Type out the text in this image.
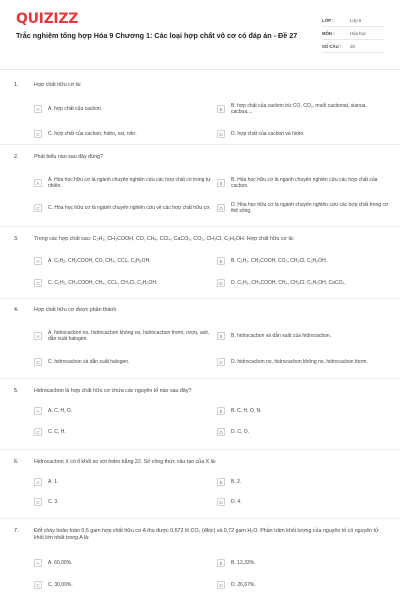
QUIZIZZ
Trắc nghiệm tổng hợp Hóa 9 Chương 1: Các loại hợp chất vô cơ có đáp án - Đề 27
LỚP :	Lớp 9
MÔN :	Hóa học
SỐ CÂU :	28
1.	Hợp chất hữu cơ là:
A	A. hợp chất của cacbon.	B
B. hợp chất của cacbon trừ CO, CO₂, muối cacbonat, xianua, cacbua,...
C	C. hợp chất của cacbon, hidro, oxi, nitơ.	D	D. hợp chất của cacbon và hidro.
2.	Phát biểu nào sau đây đúng?
A
A. Hóa học hữu cơ là ngành chuyên nghiên cứu các hợp chất có trong tự nhiên.	B
B. Hóa học hữu cơ là ngành chuyên nghiên cứu các hợp chất của cacbon.
C	C. Hóa học hữu cơ là ngành chuyên nghiên cứu về các hợp chất hữu cơ.	D
D. Hóa học hữu cơ là ngành chuyên nghiên cứu các hợp chất trong cơ thể sống.
3.	Trong các hợp chất sau: C₂H₂, CH₃COOH, CO, CH₄, CCl₄, CaCO₃, CO₂, CH₃Cl, C₂H₅OH. Hợp chất hữu cơ là:
A	A. C₂H₂, CH₃COOH, CO, CH₄, CCl₄, C₂H₅OH.	B	B. C₂H₂, CH₃COOH, CO₂, CH₃Cl, C₂H₅OH.
C	C. C₂H₂, CH₃COOH, CH₄, CCl₄, CH₃Cl, C₂H₅OH.	D	D. C₂H₂, CH₃COOH, CH₄, CH₃Cl, C₂H₅OH, CaCO₃.
4.	Hợp chất hữu cơ được phân thành
A
A. hidrocacbon no, hidrocacbon không no, hidrocacbon thơm, rượu, axit, dẫn xuất halogen.	B	B. hidrocacbon và dẫn xuất của hidrocacbon.
C	C. hidrocacbon và dẫn xuất halogen.	D	D. hidrocacbon no, hidrocacbon không no, hidrocacbon thơm.
5.	Hidrocacbon là hợp chất hữu cơ chứa các nguyên tố nào sau đây?
A	A. C, H, O.	B	B. C, H, O, N.
C	C. C, H.	D	D. C, O.
6.	Hidrocacbon X có tỉ khối so với hidro bằng 22. Số công thức cấu tạo của X là:
A	A. 1.	B	B. 2.
C	C. 3.	D	D. 4.
7.	Đốt cháy hoàn toàn 0,6 gam hợp chất hữu cơ A thu được 0,672 lít CO₂ (đktc) và 0,72 gam H₂O. Phần trăm khối lượng của nguyên tố có nguyên tử khối lớn nhất trong A là:
A	A. 60,00%.	B	B. 13,33%.
C	C. 30,00%.	D	D. 26,67%.
